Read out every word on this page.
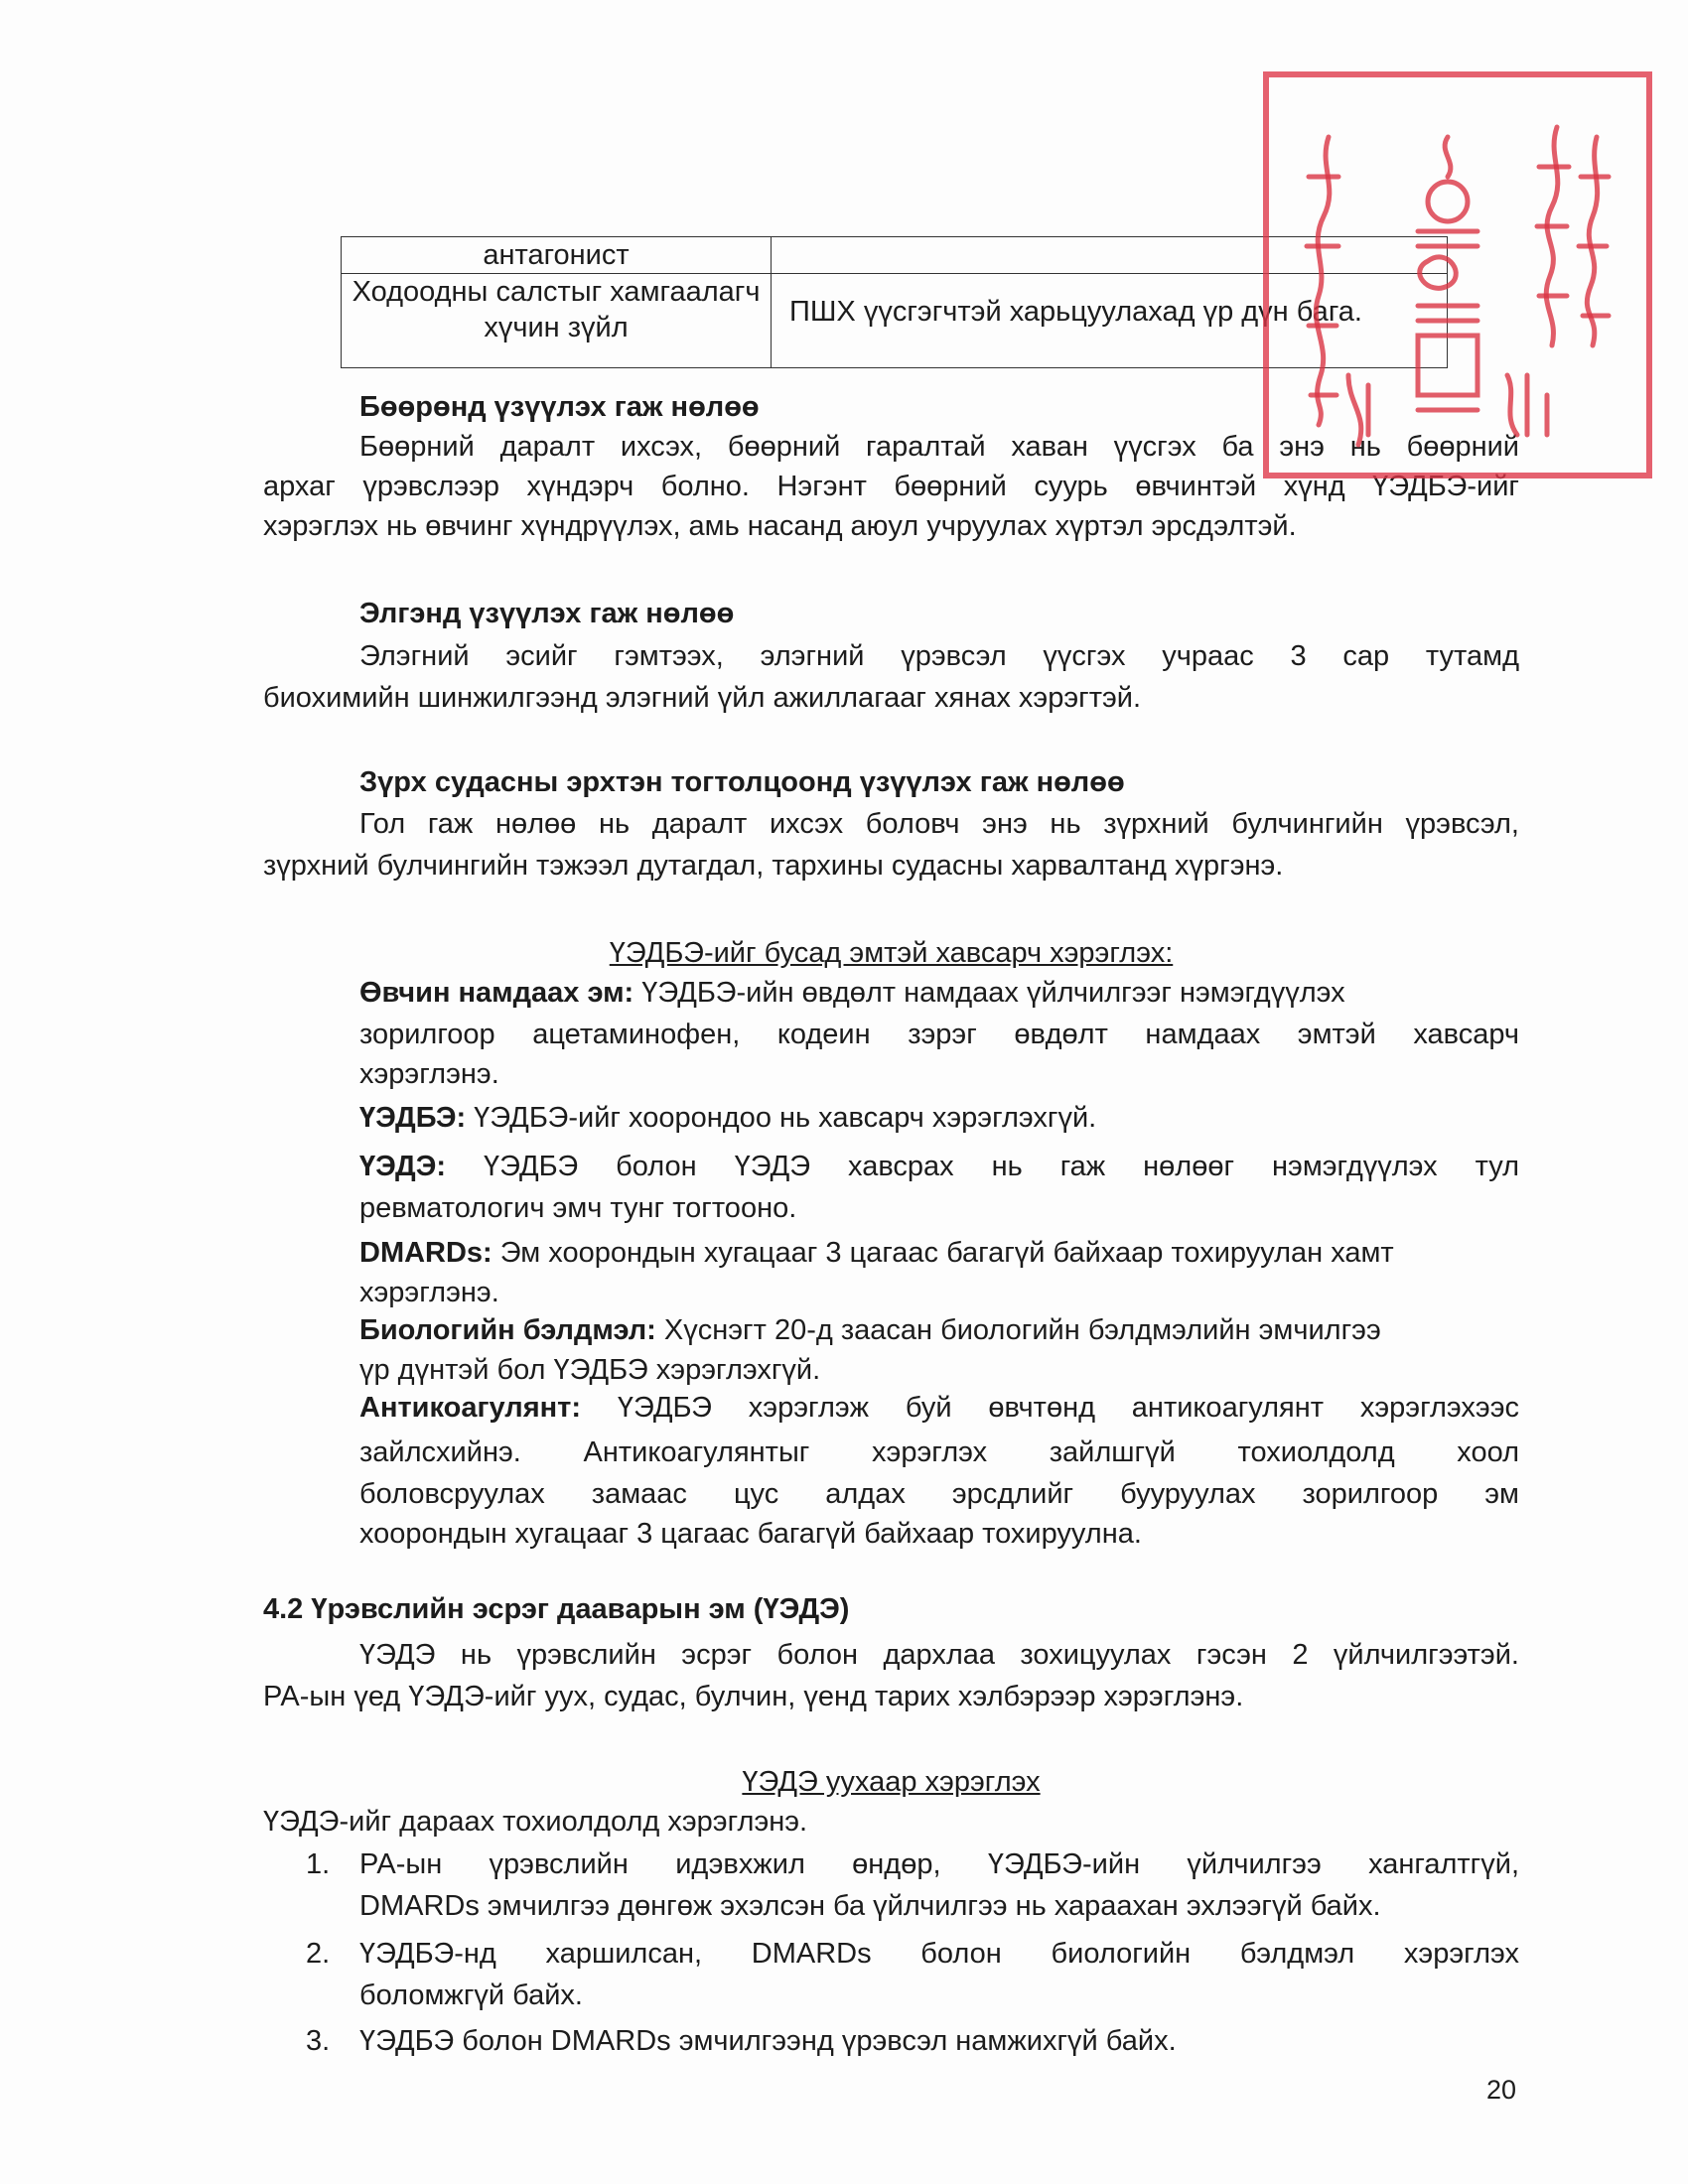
антагонист	
Ходоодны салстыг хамгаалагч хүчин зүйл	ПШХ үүсгэгчтэй харьцуулахад үр дүн бага.
Бөөрөнд үзүүлэх гаж нөлөө
Бөөрний даралт ихсэх, бөөрний гаралтай хаван үүсгэх ба энэ нь бөөрний
архаг үрэвслээр хүндэрч болно. Нэгэнт бөөрний суурь өвчинтэй хүнд ҮЭДБЭ-ийг
хэрэглэх нь өвчинг хүндрүүлэх, амь насанд аюул учруулах хүртэл эрсдэлтэй.
Элгэнд үзүүлэх гаж нөлөө
Элэгний эсийг гэмтээх, элэгний үрэвсэл үүсгэх учраас 3 сар тутамд
биохимийн шинжилгээнд элэгний үйл ажиллагааг хянах хэрэгтэй.
Зүрх судасны эрхтэн тогтолцоонд үзүүлэх гаж нөлөө
Гол гаж нөлөө нь даралт ихсэх боловч энэ нь зүрхний булчингийн үрэвсэл,
зүрхний булчингийн тэжээл дутагдал, тархины судасны харвалтанд хүргэнэ.
ҮЭДБЭ-ийг бусад эмтэй хавсарч хэрэглэх:
Өвчин намдаах эм: ҮЭДБЭ-ийн өвдөлт намдаах үйлчилгээг нэмэгдүүлэх
зорилгоор ацетаминофен, кодеин зэрэг өвдөлт намдаах эмтэй хавсарч
хэрэглэнэ.
ҮЭДБЭ: ҮЭДБЭ-ийг хоорондоо нь хавсарч хэрэглэхгүй.
ҮЭДЭ: ҮЭДБЭ болон ҮЭДЭ хавсрах нь гаж нөлөөг нэмэгдүүлэх тул
ревматологич эмч тунг тогтооно.
DMARDs: Эм хоорондын хугацааг 3 цагаас багагүй байхаар тохируулан хамт
хэрэглэнэ.
Биологийн бэлдмэл: Хүснэгт 20-д заасан биологийн бэлдмэлийн эмчилгээ
үр дүнтэй бол ҮЭДБЭ хэрэглэхгүй.
Антикоагулянт: ҮЭДБЭ хэрэглэж буй өвчтөнд антикоагулянт хэрэглэхээс
зайлсхийнэ. Антикоагулянтыг хэрэглэх зайлшгүй тохиолдолд хоол
боловсруулах замаас цус алдах эрсдлийг бууруулах зорилгоор эм
хоорондын хугацааг 3 цагаас багагүй байхаар тохируулна.
4.2 Үрэвслийн эсрэг даавaрын эм (ҮЭДЭ)
ҮЭДЭ нь үрэвслийн эсрэг болон дархлаа зохицуулах гэсэн 2 үйлчилгээтэй.
РА-ын үед ҮЭДЭ-ийг уух, судас, булчин, үенд тарих хэлбэрээр хэрэглэнэ.
ҮЭДЭ уухаар хэрэглэх
ҮЭДЭ-ийг дараах тохиолдолд хэрэглэнэ.
1. РА-ын үрэвслийн идэвхжил өндөр, ҮЭДБЭ-ийн үйлчилгээ хангалтгүй,
DMARDs эмчилгээ дөнгөж эхэлсэн ба үйлчилгээ нь хараахан эхлээгүй байх.
2. ҮЭДБЭ-нд харшилсан, DMARDs болон биологийн бэлдмэл хэрэглэх
боломжгүй байх.
3. ҮЭДБЭ болон DMARDs эмчилгээнд үрэвсэл намжихгүй байх.
20
